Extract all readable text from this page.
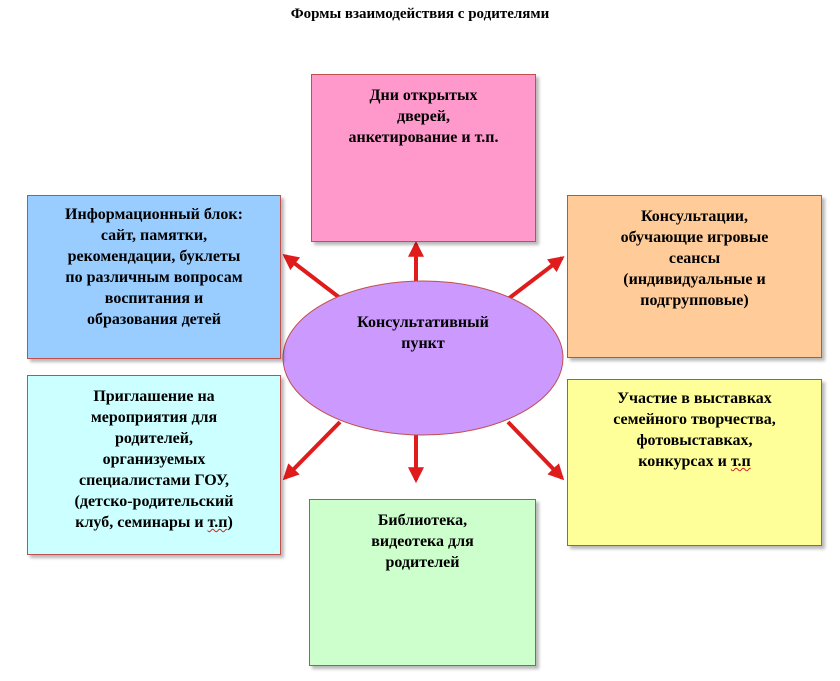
Формы взаимодействия с родителями
Консультативный
пункт
Дни открытых
дверей,
анкетирование и т.п.
Информационный блок:
сайт, памятки,
рекомендации, буклеты
по различным вопросам
воспитания и
образования детей
Консультации,
обучающие игровые
сеансы
(индивидуальные и
подгрупповые)
Приглашение на
мероприятия для
родителей,
организуемых
специалистами ГОУ,
(детско-родительский
клуб, семинары и т.п)
Участие в выставках
семейного творчества,
фотовыставках,
конкурсах и т.п
Библиотека,
видеотека для
родителей
